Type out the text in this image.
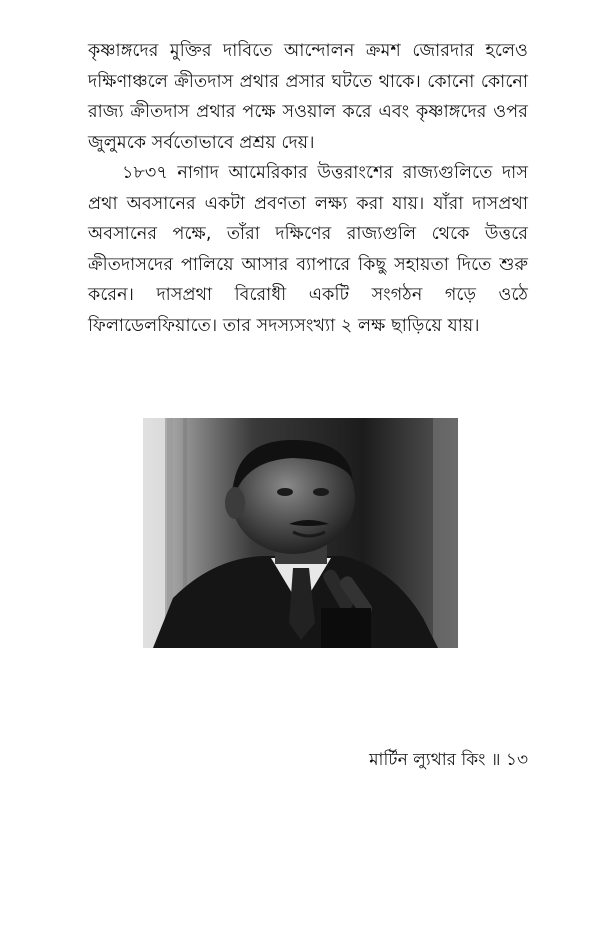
কৃষ্ণাঙ্গদের মুক্তির দাবিতে আন্দোলন ক্রমশ জোরদার হলেও দক্ষিণাঞ্চলে ক্রীতদাস প্রথার প্রসার ঘটতে থাকে। কোনো কোনো রাজ্য ক্রীতদাস প্রথার পক্ষে সওয়াল করে এবং কৃষ্ণাঙ্গদের ওপর জুলুমকে সর্বতোভাবে প্রশ্রয় দেয়।

১৮৩৭ নাগাদ আমেরিকার উত্তরাংশের রাজ্যগুলিতে দাস প্রথা অবসানের একটা প্রবণতা লক্ষ্য করা যায়। যাঁরা দাসপ্রথা অবসানের পক্ষে, তাঁরা দক্ষিণের রাজ্যগুলি থেকে উত্তরে ক্রীতদাসদের পালিয়ে আসার ব্যাপারে কিছু সহায়তা দিতে শুরু করেন। দাসপ্রথা বিরোধী একটি সংগঠন গড়ে ওঠে ফিলাডেলফিয়াতে। তার সদস্যসংখ্যা ২ লক্ষ ছাড়িয়ে যায়।

মার্টিন ল্যুথার কিং ॥ ১৩
